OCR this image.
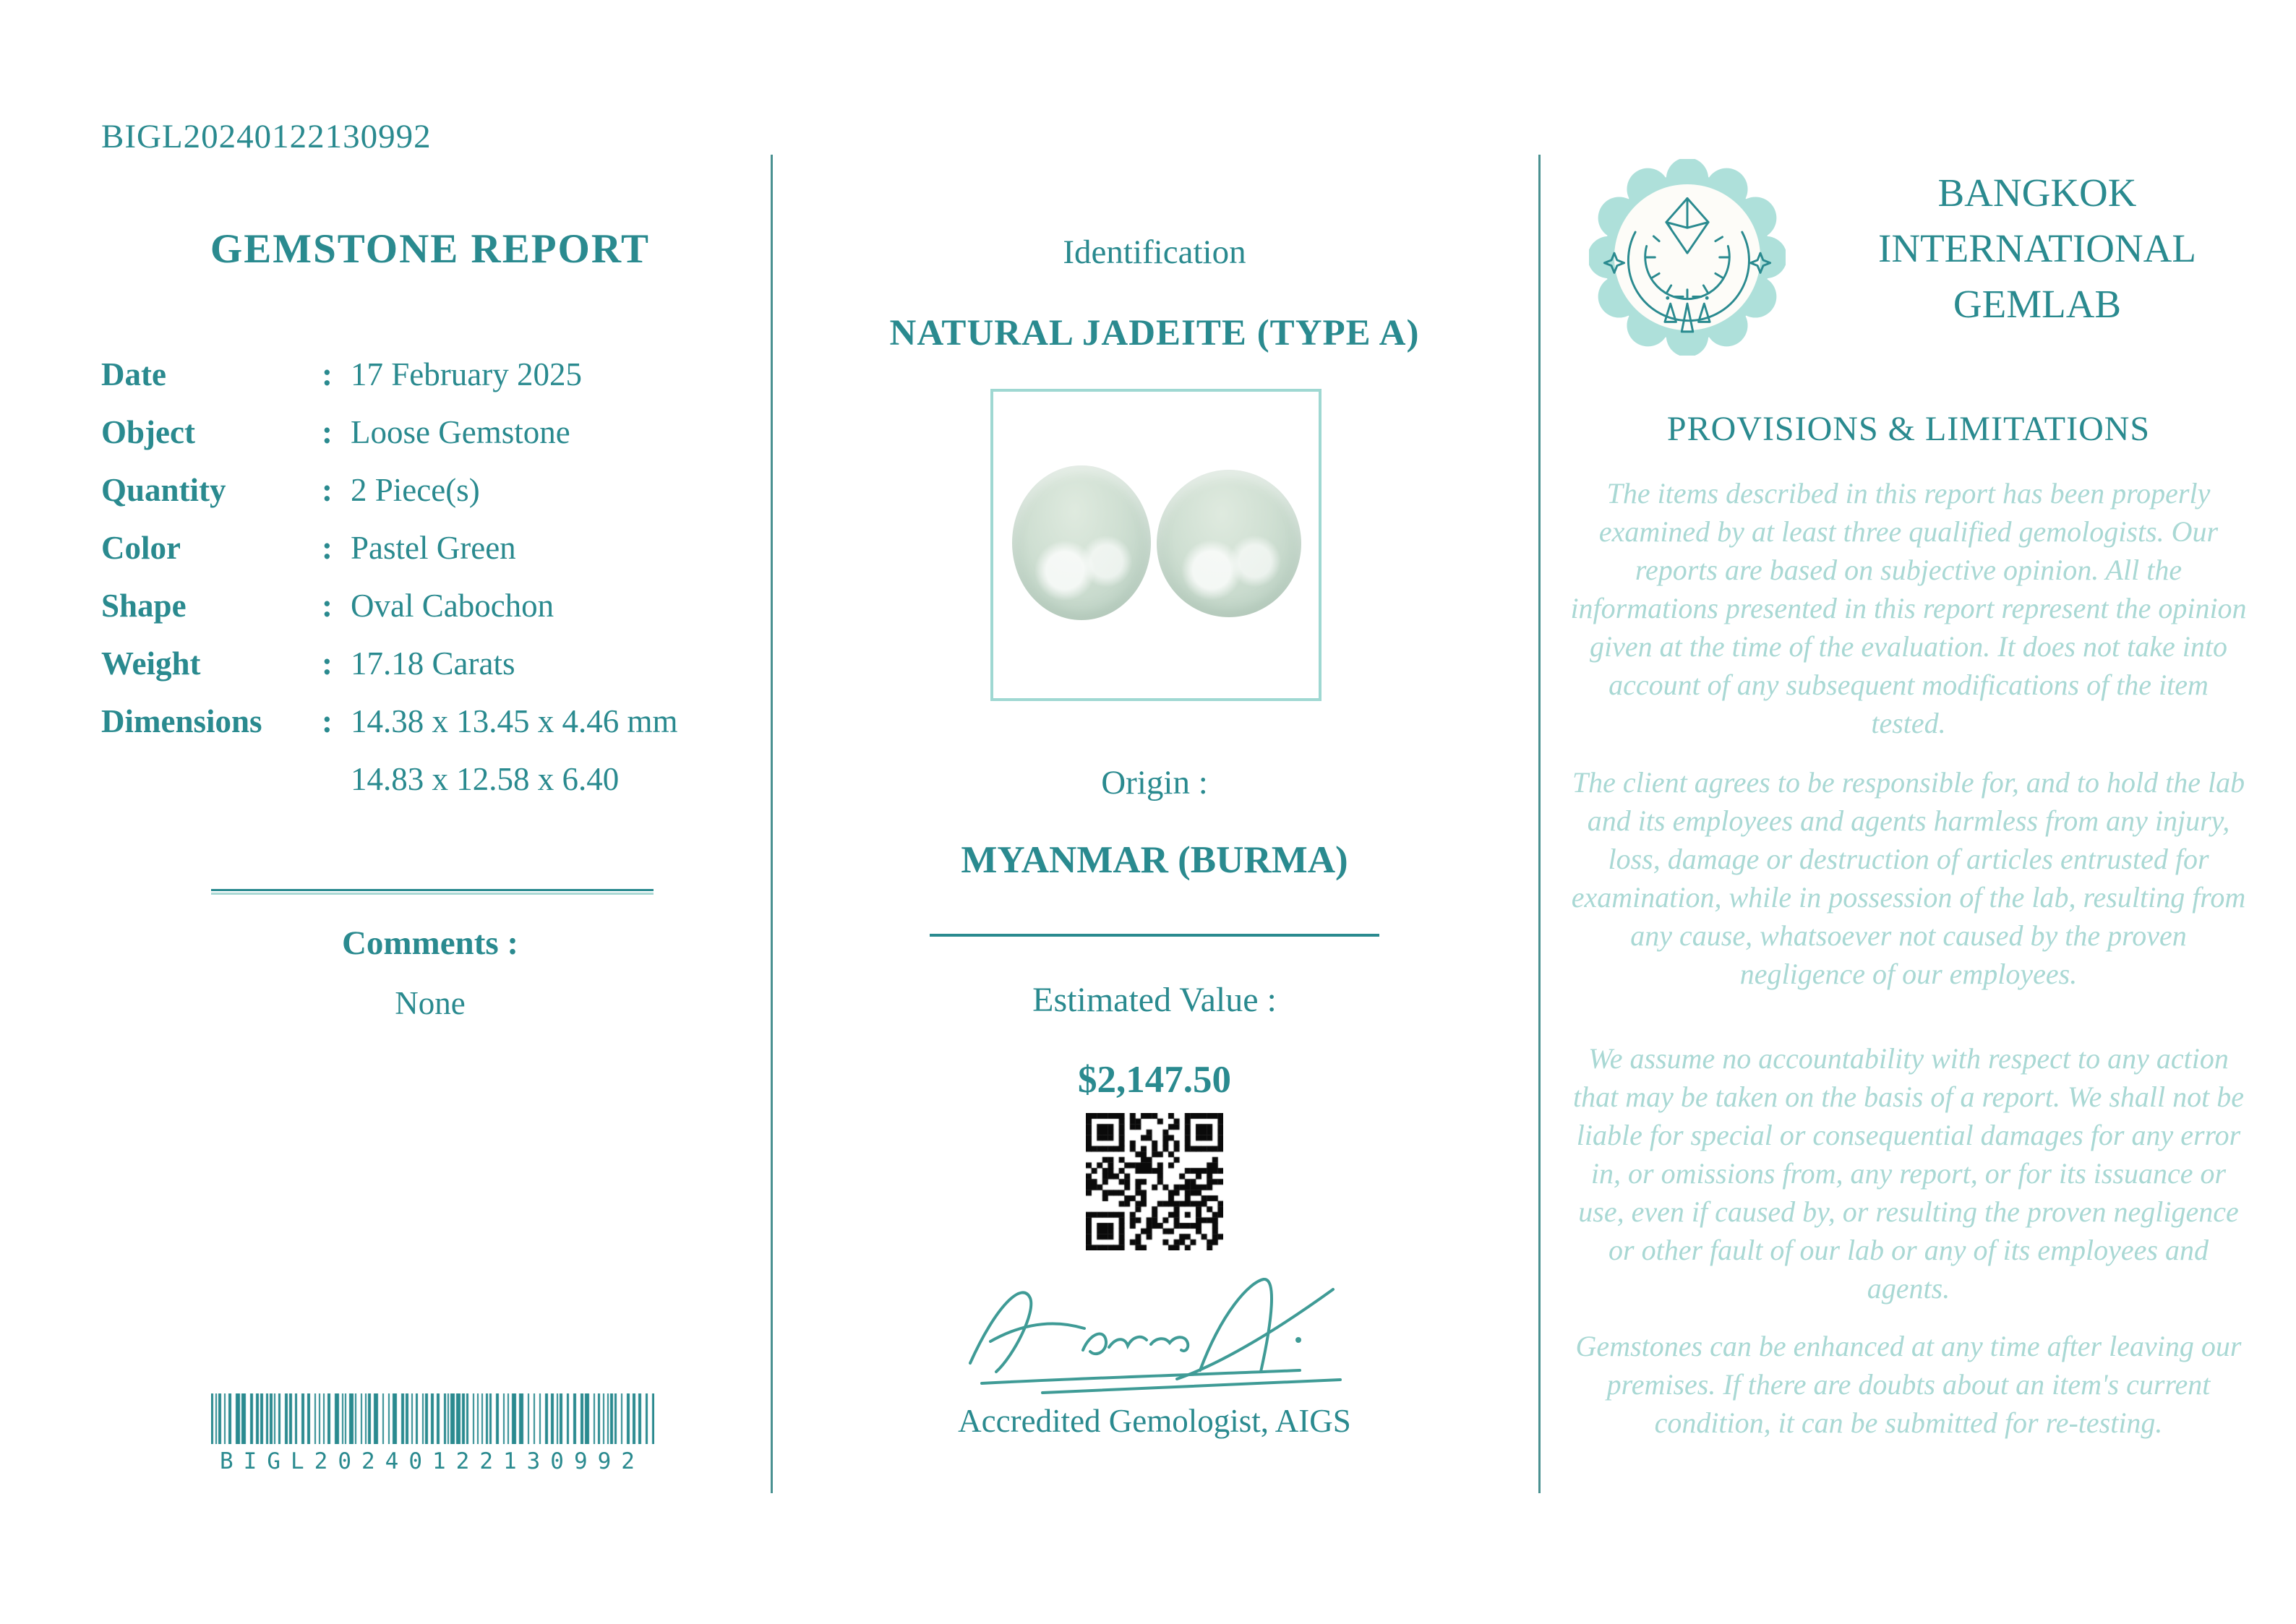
BIGL20240122130992
GEMSTONE REPORT
Date	: 17 February 2025
Object	: Loose Gemstone
Quantity	: 2 Piece(s)
Color	: Pastel Green
Shape	: Oval Cabochon
Weight	: 17.18 Carats
Dimensions	: 14.38 x 13.45 x 4.46 mm
14.83 x 12.58 x 6.40
Comments :
None
BIGL20240122130992
Identification
NATURAL JADEITE (TYPE A)
Origin :
MYANMAR (BURMA)
Estimated Value :
$2,147.50
Accredited Gemologist, AIGS
BANGKOK
INTERNATIONAL
GEMLAB
PROVISIONS & LIMITATIONS

The items described in this report has been properly examined by at least three qualified gemologists. Our reports are based on subjective opinion. All the informations presented in this report represent the opinion given at the time of the evaluation. It does not take into account of any subsequent modifications of the item tested.

The client agrees to be responsible for, and to hold the lab and its employees and agents harmless from any injury, loss, damage or destruction of articles entrusted for examination, while in possession of the lab, resulting from any cause, whatsoever not caused by the proven negligence of our employees.

We assume no accountability with respect to any action that may be taken on the basis of a report. We shall not be liable for special or consequential damages for any error in, or omissions from, any report, or for its issuance or use, even if caused by, or resulting the proven negligence or other fault of our lab or any of its employees and agents.

Gemstones can be enhanced at any time after leaving our premises. If there are doubts about an item's current condition, it can be submitted for re-testing.
